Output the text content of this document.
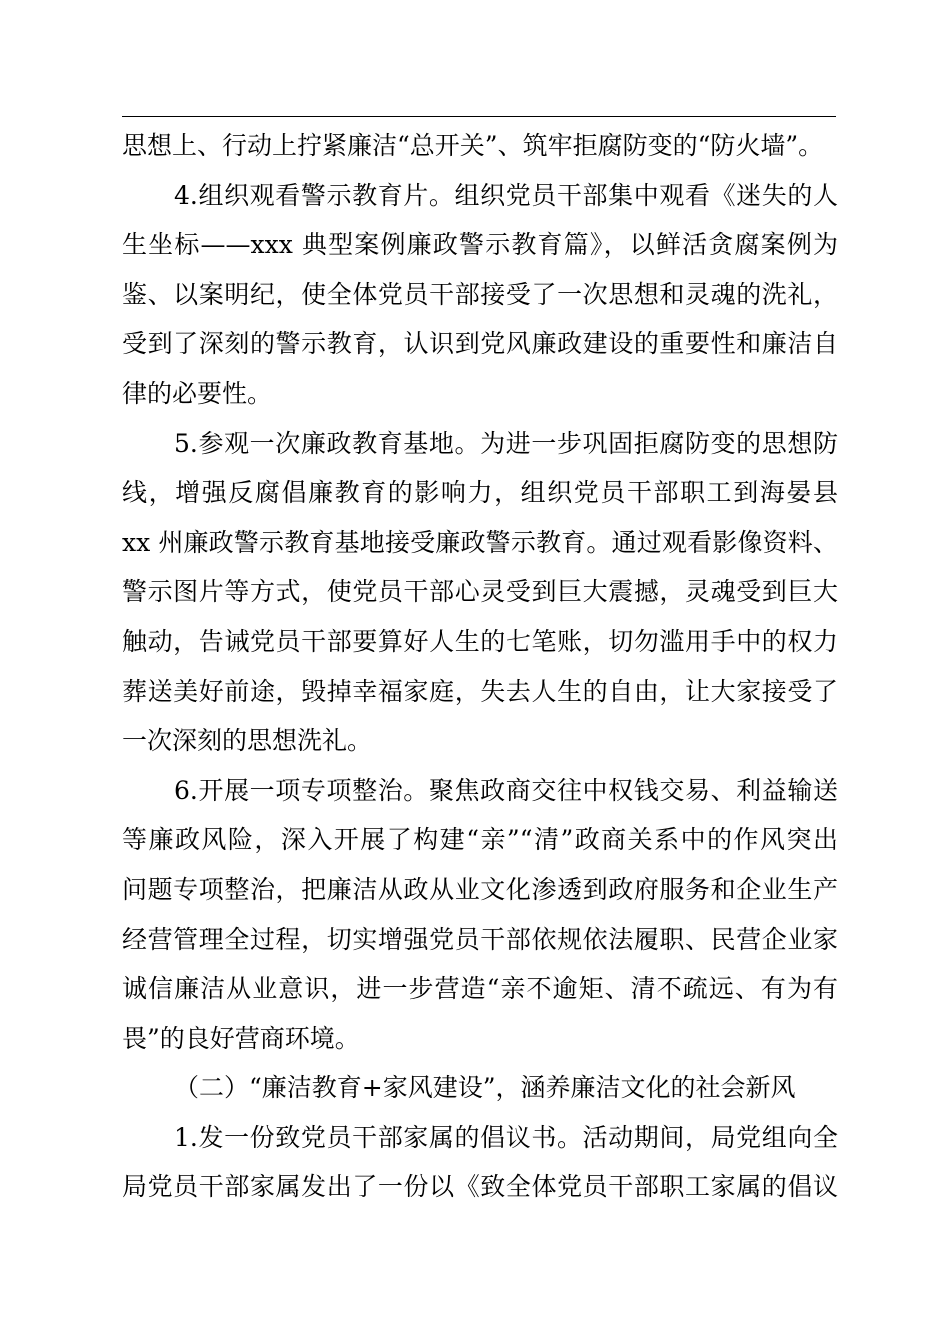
思想上、行动上拧紧廉洁“总开关”、筑牢拒腐防变的“防火墙”。
4.组织观看警示教育片。组织党员干部集中观看《迷失的人
生坐标——xxx 典型案例廉政警示教育篇》，以鲜活贪腐案例为
鉴、以案明纪，使全体党员干部接受了一次思想和灵魂的洗礼，
受到了深刻的警示教育，认识到党风廉政建设的重要性和廉洁自
律的必要性。
5.参观一次廉政教育基地。为进一步巩固拒腐防变的思想防
线，增强反腐倡廉教育的影响力，组织党员干部职工到海晏县
xx 州廉政警示教育基地接受廉政警示教育。通过观看影像资料、
警示图片等方式，使党员干部心灵受到巨大震撼，灵魂受到巨大
触动，告诫党员干部要算好人生的七笔账，切勿滥用手中的权力
葬送美好前途，毁掉幸福家庭，失去人生的自由，让大家接受了
一次深刻的思想洗礼。
6.开展一项专项整治。聚焦政商交往中权钱交易、利益输送
等廉政风险，深入开展了构建“亲”“清”政商关系中的作风突出
问题专项整治，把廉洁从政从业文化渗透到政府服务和企业生产
经营管理全过程，切实增强党员干部依规依法履职、民营企业家
诚信廉洁从业意识，进一步营造“亲不逾矩、清不疏远、有为有
畏”的良好营商环境。
（二）“廉洁教育+家风建设”，涵养廉洁文化的社会新风
1.发一份致党员干部家属的倡议书。活动期间，局党组向全
局党员干部家属发出了一份以《致全体党员干部职工家属的倡议
